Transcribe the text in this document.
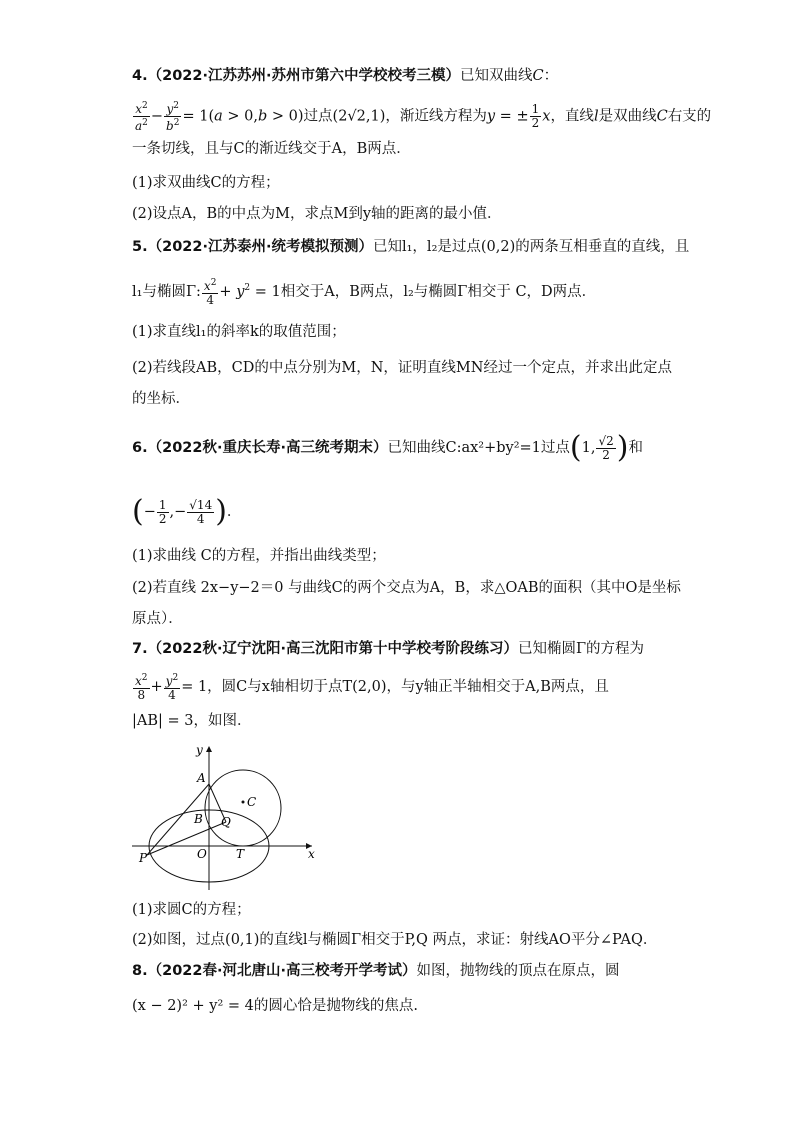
4.（2022·江苏苏州·苏州市第六中学校校考三模）已知双曲线C：
$\frac{x^2}{a^2} - \frac{y^2}{b^2} = 1(a > 0,b > 0)$过点(2√2,1)，渐近线方程为y = ± $\frac{1}{2}$ x，直线l是双曲线C右支的
一条切线，且与C的渐近线交于A，B两点．
(1)求双曲线C的方程；
(2)设点A，B的中点为M，求点M到y轴的距离的最小值．
5.（2022·江苏泰州·统考模拟预测）已知l₁，l₂是过点(0,2)的两条互相垂直的直线，且
l₁与椭圆Γ: $\frac{x^2}{4} + y^2 = 1$相交于A，B两点，l₂与椭圆Γ相交于 C，D两点．
(1)求直线l₁的斜率k的取值范围；
(2)若线段AB，CD的中点分别为M，N，证明直线MN经过一个定点，并求出此定点
的坐标．
6.（2022秋·重庆长寿·高三统考期末）已知曲线C:ax²+by²=1过点(1, $\frac{√2}{2}$ )和
(− $\frac{1}{2}$ ,− $\frac{√14}{4}$ )．
(1)求曲线 C的方程，并指出曲线类型；
(2)若直线 2x−y−2＝0 与曲线C的两个交点为A，B，求△OAB的面积（其中O是坐标
原点）．
7.（2022秋·辽宁沈阳·高三沈阳市第十中学校考阶段练习）已知椭圆Γ的方程为
$\frac{x^2}{8} + \frac{y^2}{4} = 1$，圆C与x轴相切于点T(2,0)，与y轴正半轴相交于A,B两点，且
|AB| = 3，如图．
y
A
C
B Q
P	O T	x
(1)求圆C的方程；
(2)如图，过点(0,1)的直线l与椭圆Γ相交于P,Q 两点，求证：射线AO平分∠PAQ．
8.（2022春·河北唐山·高三校考开学考试）如图，抛物线的顶点在原点，圆
(x − 2)² + y² = 4的圆心恰是抛物线的焦点.
